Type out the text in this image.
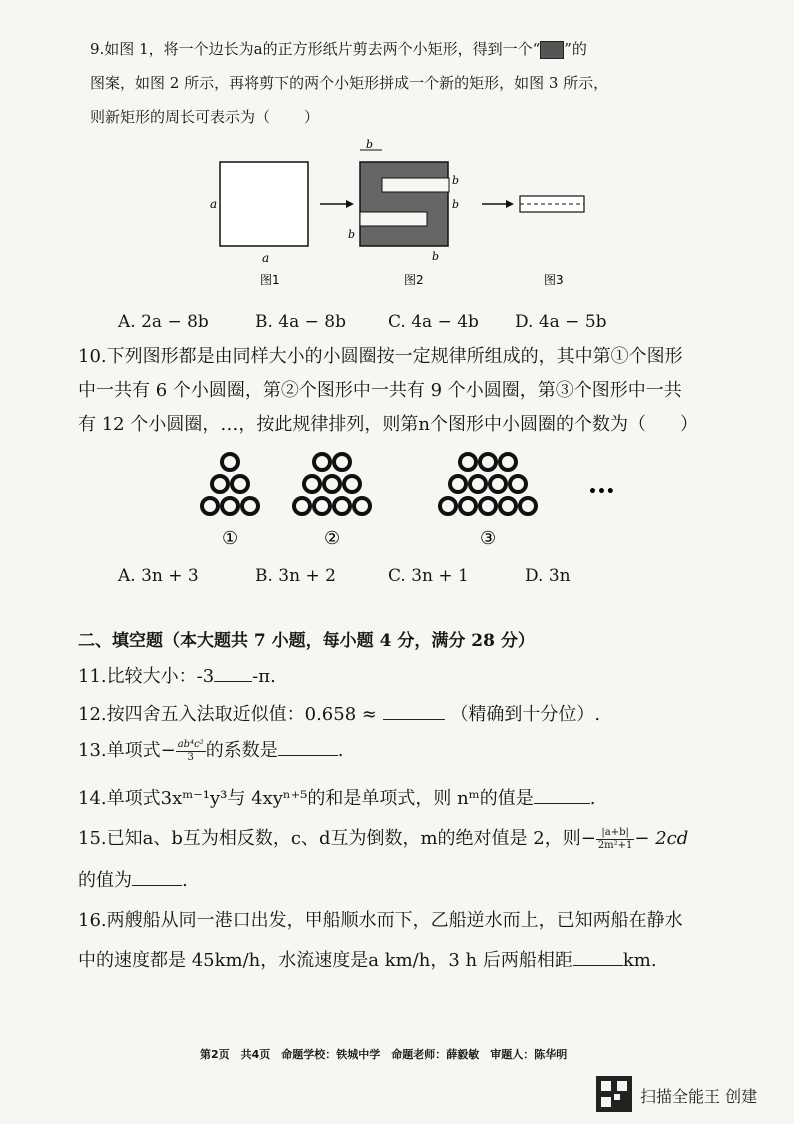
9.如图 1，将一个边长为a的正方形纸片剪去两个小矩形，得到一个“ ”的
图案，如图 2 所示，再将剪下的两个小矩形拼成一个新的矩形，如图 3 所示，
则新矩形的周长可表示为（ ）
a
a
b
b
b
b
b
图1	图2	图3
A. 2a − 8b	B. 4a − 8b C. 4a − 4b D. 4a − 5b
10.下列图形都是由同样大小的小圆圈按一定规律所组成的，其中第①个图形
中一共有 6 个小圆圈，第②个图形中一共有 9 个小圆圈，第③个图形中一共
有 12 个小圆圈，…，按此规律排列，则第n个图形中小圆圈的个数为（ ）
•••
①	②	③
A. 3n + 3	B. 3n + 2	C. 3n + 1	D. 3n
二、填空题（本大题共 7 小题，每小题 4 分，满分 28 分）
11.比较大小：-3 -π.
12.按四舍五入法取近似值：0.658 ≈	（精确到十分位）.
13.单项式− $\frac{\text{ab⁴c²}}{3}$ 的系数是	.
14.单项式3xᵐ⁻¹y³与 4xyⁿ⁺⁵的和是单项式，则 nᵐ的值是	.
15.已知a、b互为相反数，c、d互为倒数，m的绝对值是 2，则− $\frac{|a+b|}{\text{2m²+1}} - 2cd$
的值为	.
16.两艘船从同一港口出发，甲船顺水而下，乙船逆水而上，已知两船在静水
中的速度都是 45km/h，水流速度是a km/h，3 h 后两船相距	km.
第2页　共4页　命题学校：铁城中学　命题老师：薛毅敏　审题人：陈华明
扫描全能王 创建
